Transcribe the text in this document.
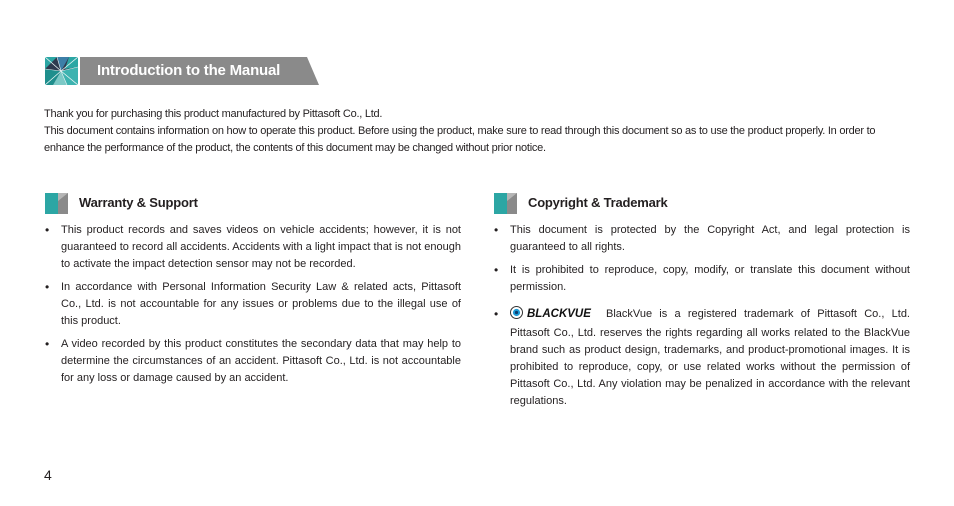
Introduction to the Manual
Thank you for purchasing this product manufactured by Pittasoft Co., Ltd.
This document contains information on how to operate this product. Before using the product, make sure to read through this document so as to use the product properly. In order to enhance the performance of the product, the contents of this document may be changed without prior notice.
Warranty & Support
• This product records and saves videos on vehicle accidents; however, it is not guaranteed to record all accidents. Accidents with a light impact that is not enough to activate the impact detection sensor may not be recorded.
• In accordance with Personal Information Security Law & related acts, Pittasoft Co., Ltd. is not accountable for any issues or problems due to the illegal use of this product.
• A video recorded by this product constitutes the secondary data that may help to determine the circumstances of an accident. Pittasoft Co., Ltd. is not accountable for any loss or damage caused by an accident.
Copyright & Trademark
• This document is protected by the Copyright Act, and legal protection is guaranteed to all rights.
• It is prohibited to reproduce, copy, modify, or translate this document without permission.
• BLACKVUE BlackVue is a registered trademark of Pittasoft Co., Ltd. Pittasoft Co., Ltd. reserves the rights regarding all works related to the BlackVue brand such as product design, trademarks, and product-promotional images. It is prohibited to reproduce, copy, or use related works without the permission of Pittasoft Co., Ltd. Any violation may be penalized in accordance with the relevant regulations.
4
